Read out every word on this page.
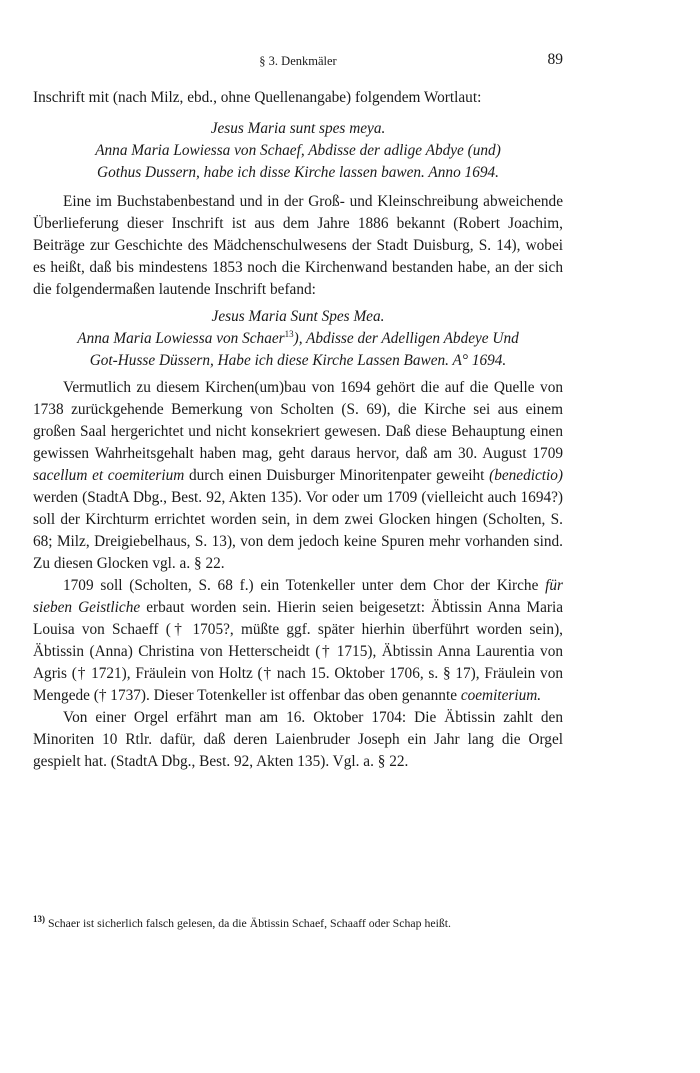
§ 3. Denkmäler	89

Inschrift mit (nach Milz, ebd., ohne Quellenangabe) folgendem Wortlaut:

Jesus Maria sunt spes meya.
Anna Maria Lowiessa von Schaef, Abdisse der adlige Abdye (und)
Gothus Dussern, habe ich disse Kirche lassen bawen. Anno 1694.

Eine im Buchstabenbestand und in der Groß- und Kleinschreibung abweichende Überlieferung dieser Inschrift ist aus dem Jahre 1886 bekannt (Robert Joachim, Beiträge zur Geschichte des Mädchenschulwesens der Stadt Duisburg, S. 14), wobei es heißt, daß bis mindestens 1853 noch die Kirchenwand bestanden habe, an der sich die folgendermaßen lautende Inschrift befand:

Jesus Maria Sunt Spes Mea.
Anna Maria Lowiessa von Schaer$^{13}$), Abdisse der Adelligen Abdeye Und
Got-Husse Düssern, Habe ich diese Kirche Lassen Bawen. A° 1694.

Vermutlich zu diesem Kirchen(um)bau von 1694 gehört die auf die Quelle von 1738 zurückgehende Bemerkung von Scholten (S. 69), die Kirche sei aus einem großen Saal hergerichtet und nicht konsekriert gewesen. Daß diese Behauptung einen gewissen Wahrheitsgehalt haben mag, geht daraus hervor, daß am 30. August 1709 sacellum et coemiterium durch einen Duisburger Minoritenpater geweiht (benedictio) werden (StadtA Dbg., Best. 92, Akten 135). Vor oder um 1709 (vielleicht auch 1694?) soll der Kirchturm errichtet worden sein, in dem zwei Glocken hingen (Scholten, S. 68; Milz, Dreigiebelhaus, S. 13), von dem jedoch keine Spuren mehr vorhanden sind. Zu diesen Glocken vgl. a. § 22.

1709 soll (Scholten, S. 68 f.) ein Totenkeller unter dem Chor der Kirche für sieben Geistliche erbaut worden sein. Hierin seien beigesetzt: Äbtissin Anna Maria Louisa von Schaeff († 1705?, müßte ggf. später hierhin überführt worden sein), Äbtissin (Anna) Christina von Hetterscheidt († 1715), Äbtissin Anna Laurentia von Agris († 1721), Fräulein von Holtz († nach 15. Oktober 1706, s. § 17), Fräulein von Mengede († 1737). Dieser Totenkeller ist offenbar das oben genannte coemiterium.

Von einer Orgel erfährt man am 16. Oktober 1704: Die Äbtissin zahlt den Minoriten 10 Rtlr. dafür, daß deren Laienbruder Joseph ein Jahr lang die Orgel gespielt hat. (StadtA Dbg., Best. 92, Akten 135). Vgl. a. § 22.

$^{13)}$ Schaer ist sicherlich falsch gelesen, da die Äbtissin Schaef, Schaaff oder Schap heißt.
